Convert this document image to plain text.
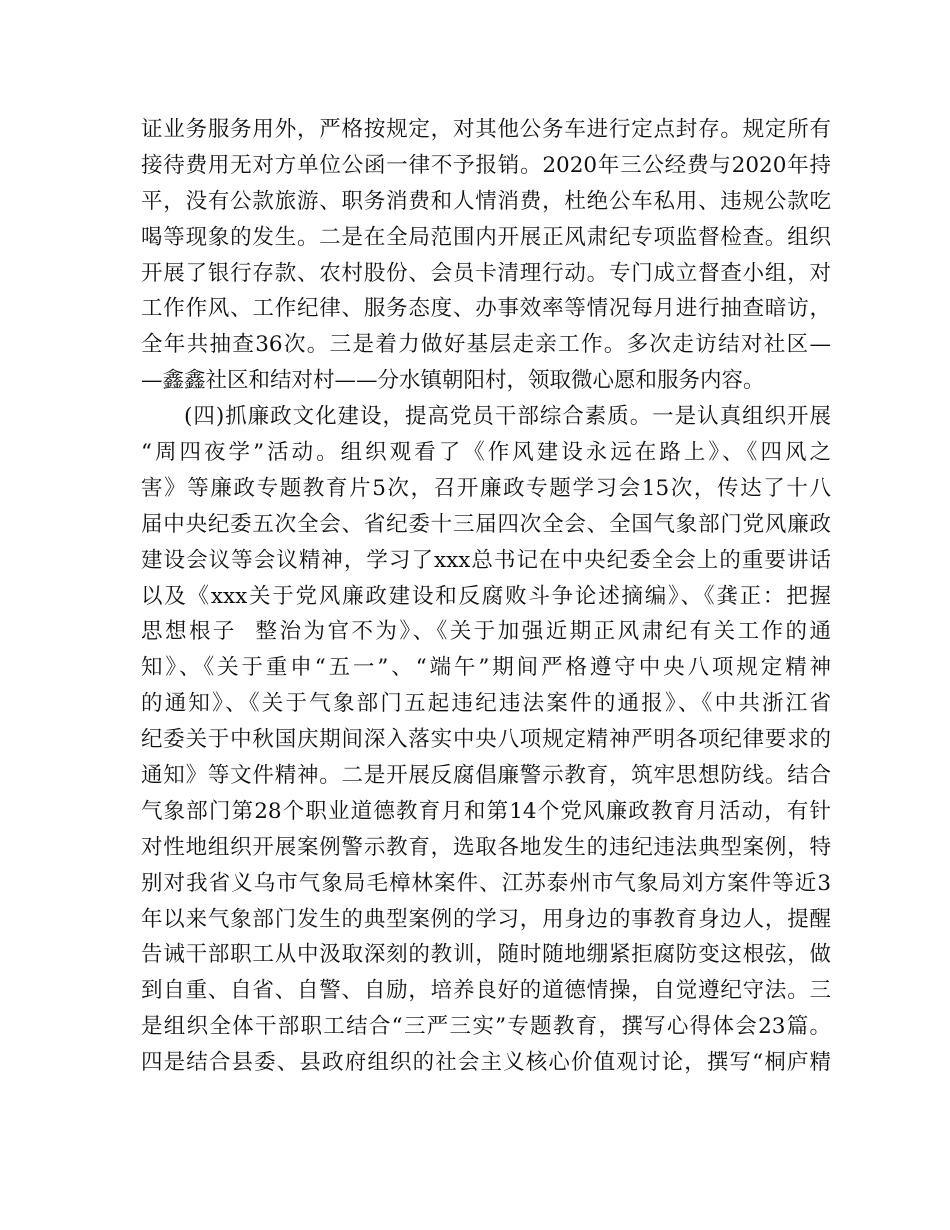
证业务服务用外，严格按规定，对其他公务车进行定点封存。规定所有
接待费用无对方单位公函一律不予报销。2020年三公经费与2020年持
平，没有公款旅游、职务消费和人情消费，杜绝公车私用、违规公款吃
喝等现象的发生。二是在全局范围内开展正风肃纪专项监督检查。组织
开展了银行存款、农村股份、会员卡清理行动。专门成立督查小组，对
工作作风、工作纪律、服务态度、办事效率等情况每月进行抽查暗访，
全年共抽查36次。三是着力做好基层走亲工作。多次走访结对社区—
—鑫鑫社区和结对村——分水镇朝阳村，领取微心愿和服务内容。
(四)抓廉政文化建设，提高党员干部综合素质。一是认真组织开展
“周四夜学”活动。组织观看了《作风建设永远在路上》、《四风之
害》等廉政专题教育片5次，召开廉政专题学习会15次，传达了十八
届中央纪委五次全会、省纪委十三届四次全会、全国气象部门党风廉政
建设会议等会议精神，学习了xxx总书记在中央纪委全会上的重要讲话
以及《xxx关于党风廉政建设和反腐败斗争论述摘编》、《龚正：把握
思想根子  整治为官不为》、《关于加强近期正风肃纪有关工作的通
知》、《关于重申“五一”、“端午”期间严格遵守中央八项规定精神
的通知》、《关于气象部门五起违纪违法案件的通报》、《中共浙江省
纪委关于中秋国庆期间深入落实中央八项规定精神严明各项纪律要求的
通知》等文件精神。二是开展反腐倡廉警示教育，筑牢思想防线。结合
气象部门第28个职业道德教育月和第14个党风廉政教育月活动，有针
对性地组织开展案例警示教育，选取各地发生的违纪违法典型案例，特
别对我省义乌市气象局毛樟林案件、江苏泰州市气象局刘方案件等近3
年以来气象部门发生的典型案例的学习，用身边的事教育身边人，提醒
告诫干部职工从中汲取深刻的教训，随时随地绷紧拒腐防变这根弦，做
到自重、自省、自警、自励，培养良好的道德情操，自觉遵纪守法。三
是组织全体干部职工结合“三严三实”专题教育，撰写心得体会23篇。
四是结合县委、县政府组织的社会主义核心价值观讨论，撰写“桐庐精
